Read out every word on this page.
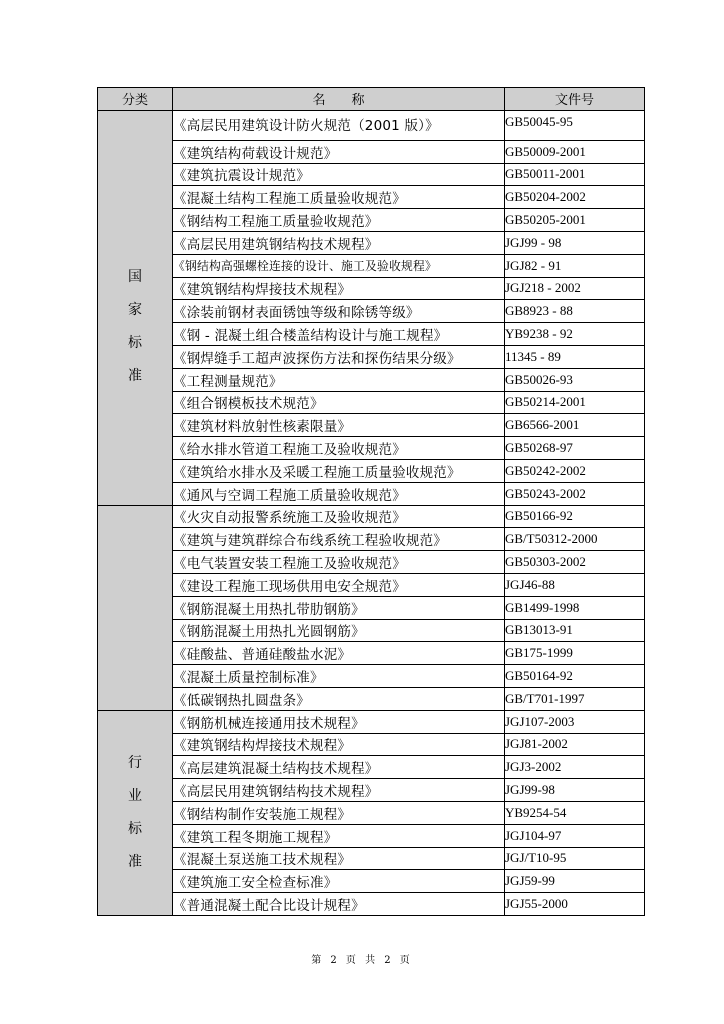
分类	名　　称	文件号

国
家
标
准	《高层民用建筑设计防火规范（2001 版）》	GB50045-95
	《建筑结构荷载设计规范》	GB50009-2001
	《建筑抗震设计规范》	GB50011-2001
	《混凝土结构工程施工质量验收规范》	GB50204-2002
	《钢结构工程施工质量验收规范》	GB50205-2001
	《高层民用建筑钢结构技术规程》	JGJ99 - 98
	《钢结构高强螺栓连接的设计、施工及验收规程》	JGJ82 - 91
	《建筑钢结构焊接技术规程》	JGJ218 - 2002
	《涂装前钢材表面锈蚀等级和除锈等级》	GB8923 - 88
	《钢 - 混凝土组合楼盖结构设计与施工规程》	YB9238 - 92
	《钢焊缝手工超声波探伤方法和探伤结果分级》	11345 - 89
	《工程测量规范》	GB50026-93
	《组合钢模板技术规范》	GB50214-2001
	《建筑材料放射性核素限量》	GB6566-2001
	《给水排水管道工程施工及验收规范》	GB50268-97
	《建筑给水排水及采暖工程施工质量验收规范》	GB50242-2002
	《通风与空调工程施工质量验收规范》	GB50243-2002
	《火灾自动报警系统施工及验收规范》	GB50166-92
	《建筑与建筑群综合布线系统工程验收规范》	GB/T50312-2000
	《电气装置安装工程施工及验收规范》	GB50303-2002
	《建设工程施工现场供用电安全规范》	JGJ46-88
	《钢筋混凝土用热扎带肋钢筋》	GB1499-1998
	《钢筋混凝土用热扎光圆钢筋》	GB13013-91
	《硅酸盐、普通硅酸盐水泥》	GB175-1999
	《混凝土质量控制标准》	GB50164-92
	《低碳钢热扎圆盘条》	GB/T701-1997

行
业
标
准	《钢筋机械连接通用技术规程》	JGJ107-2003
	《建筑钢结构焊接技术规程》	JGJ81-2002
	《高层建筑混凝土结构技术规程》	JGJ3-2002
	《高层民用建筑钢结构技术规程》	JGJ99-98
	《钢结构制作安装施工规程》	YB9254-54
	《建筑工程冬期施工规程》	JGJ104-97
	《混凝土泵送施工技术规程》	JGJ/T10-95
	《建筑施工安全检查标准》	JGJ59-99
	《普通混凝土配合比设计规程》	JGJ55-2000
第 2 页 共 2 页
